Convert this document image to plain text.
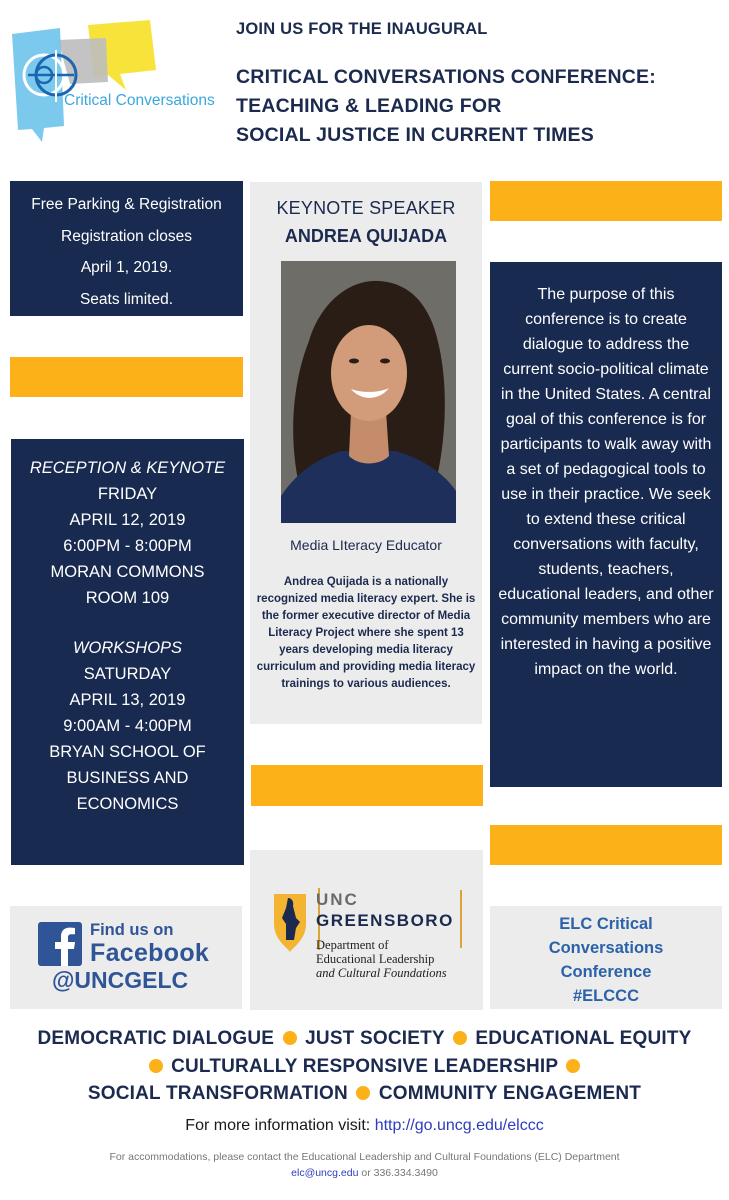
Critical Conversations
JOIN US FOR THE INAUGURAL
CRITICAL CONVERSATIONS CONFERENCE:
TEACHING & LEADING FOR
SOCIAL JUSTICE IN CURRENT TIMES
Free Parking & Registration
Registration closes
April 1, 2019.
Seats limited.
RECEPTION & KEYNOTE
FRIDAY
APRIL 12, 2019
6:00PM - 8:00PM
MORAN COMMONS
ROOM 109
WORKSHOPS
SATURDAY
APRIL 13, 2019
9:00AM - 4:00PM
BRYAN SCHOOL OF
BUSINESS AND
ECONOMICS
Find us on
Facebook
@UNCGELC
KEYNOTE SPEAKER
ANDREA QUIJADA
Media LIteracy Educator
Andrea Quijada is a nationally recognized media literacy expert. She is the former executive director of Media Literacy Project where she spent 13 years developing media literacy curriculum and providing media literacy trainings to various audiences.
UNC
GREENSBORO
Department of
Educational Leadership
and Cultural Foundations
The purpose of this conference is to create dialogue to address the current socio-political climate in the United States. A central goal of this conference is for participants to walk away with a set of pedagogical tools to use in their practice. We seek to extend these critical conversations with faculty, students, teachers, educational leaders, and other community members who are interested in having a positive impact on the world.
ELC Critical
Conversations
Conference
#ELCCC
DEMOCRATIC DIALOGUE JUST SOCIETY EDUCATIONAL EQUITY
CULTURALLY RESPONSIVE LEADERSHIP
SOCIAL TRANSFORMATION COMMUNITY ENGAGEMENT
For more information visit: http://go.uncg.edu/elccc
For accommodations, please contact the Educational Leadership and Cultural Foundations (ELC) Department
elc@uncg.edu or 336.334.3490
